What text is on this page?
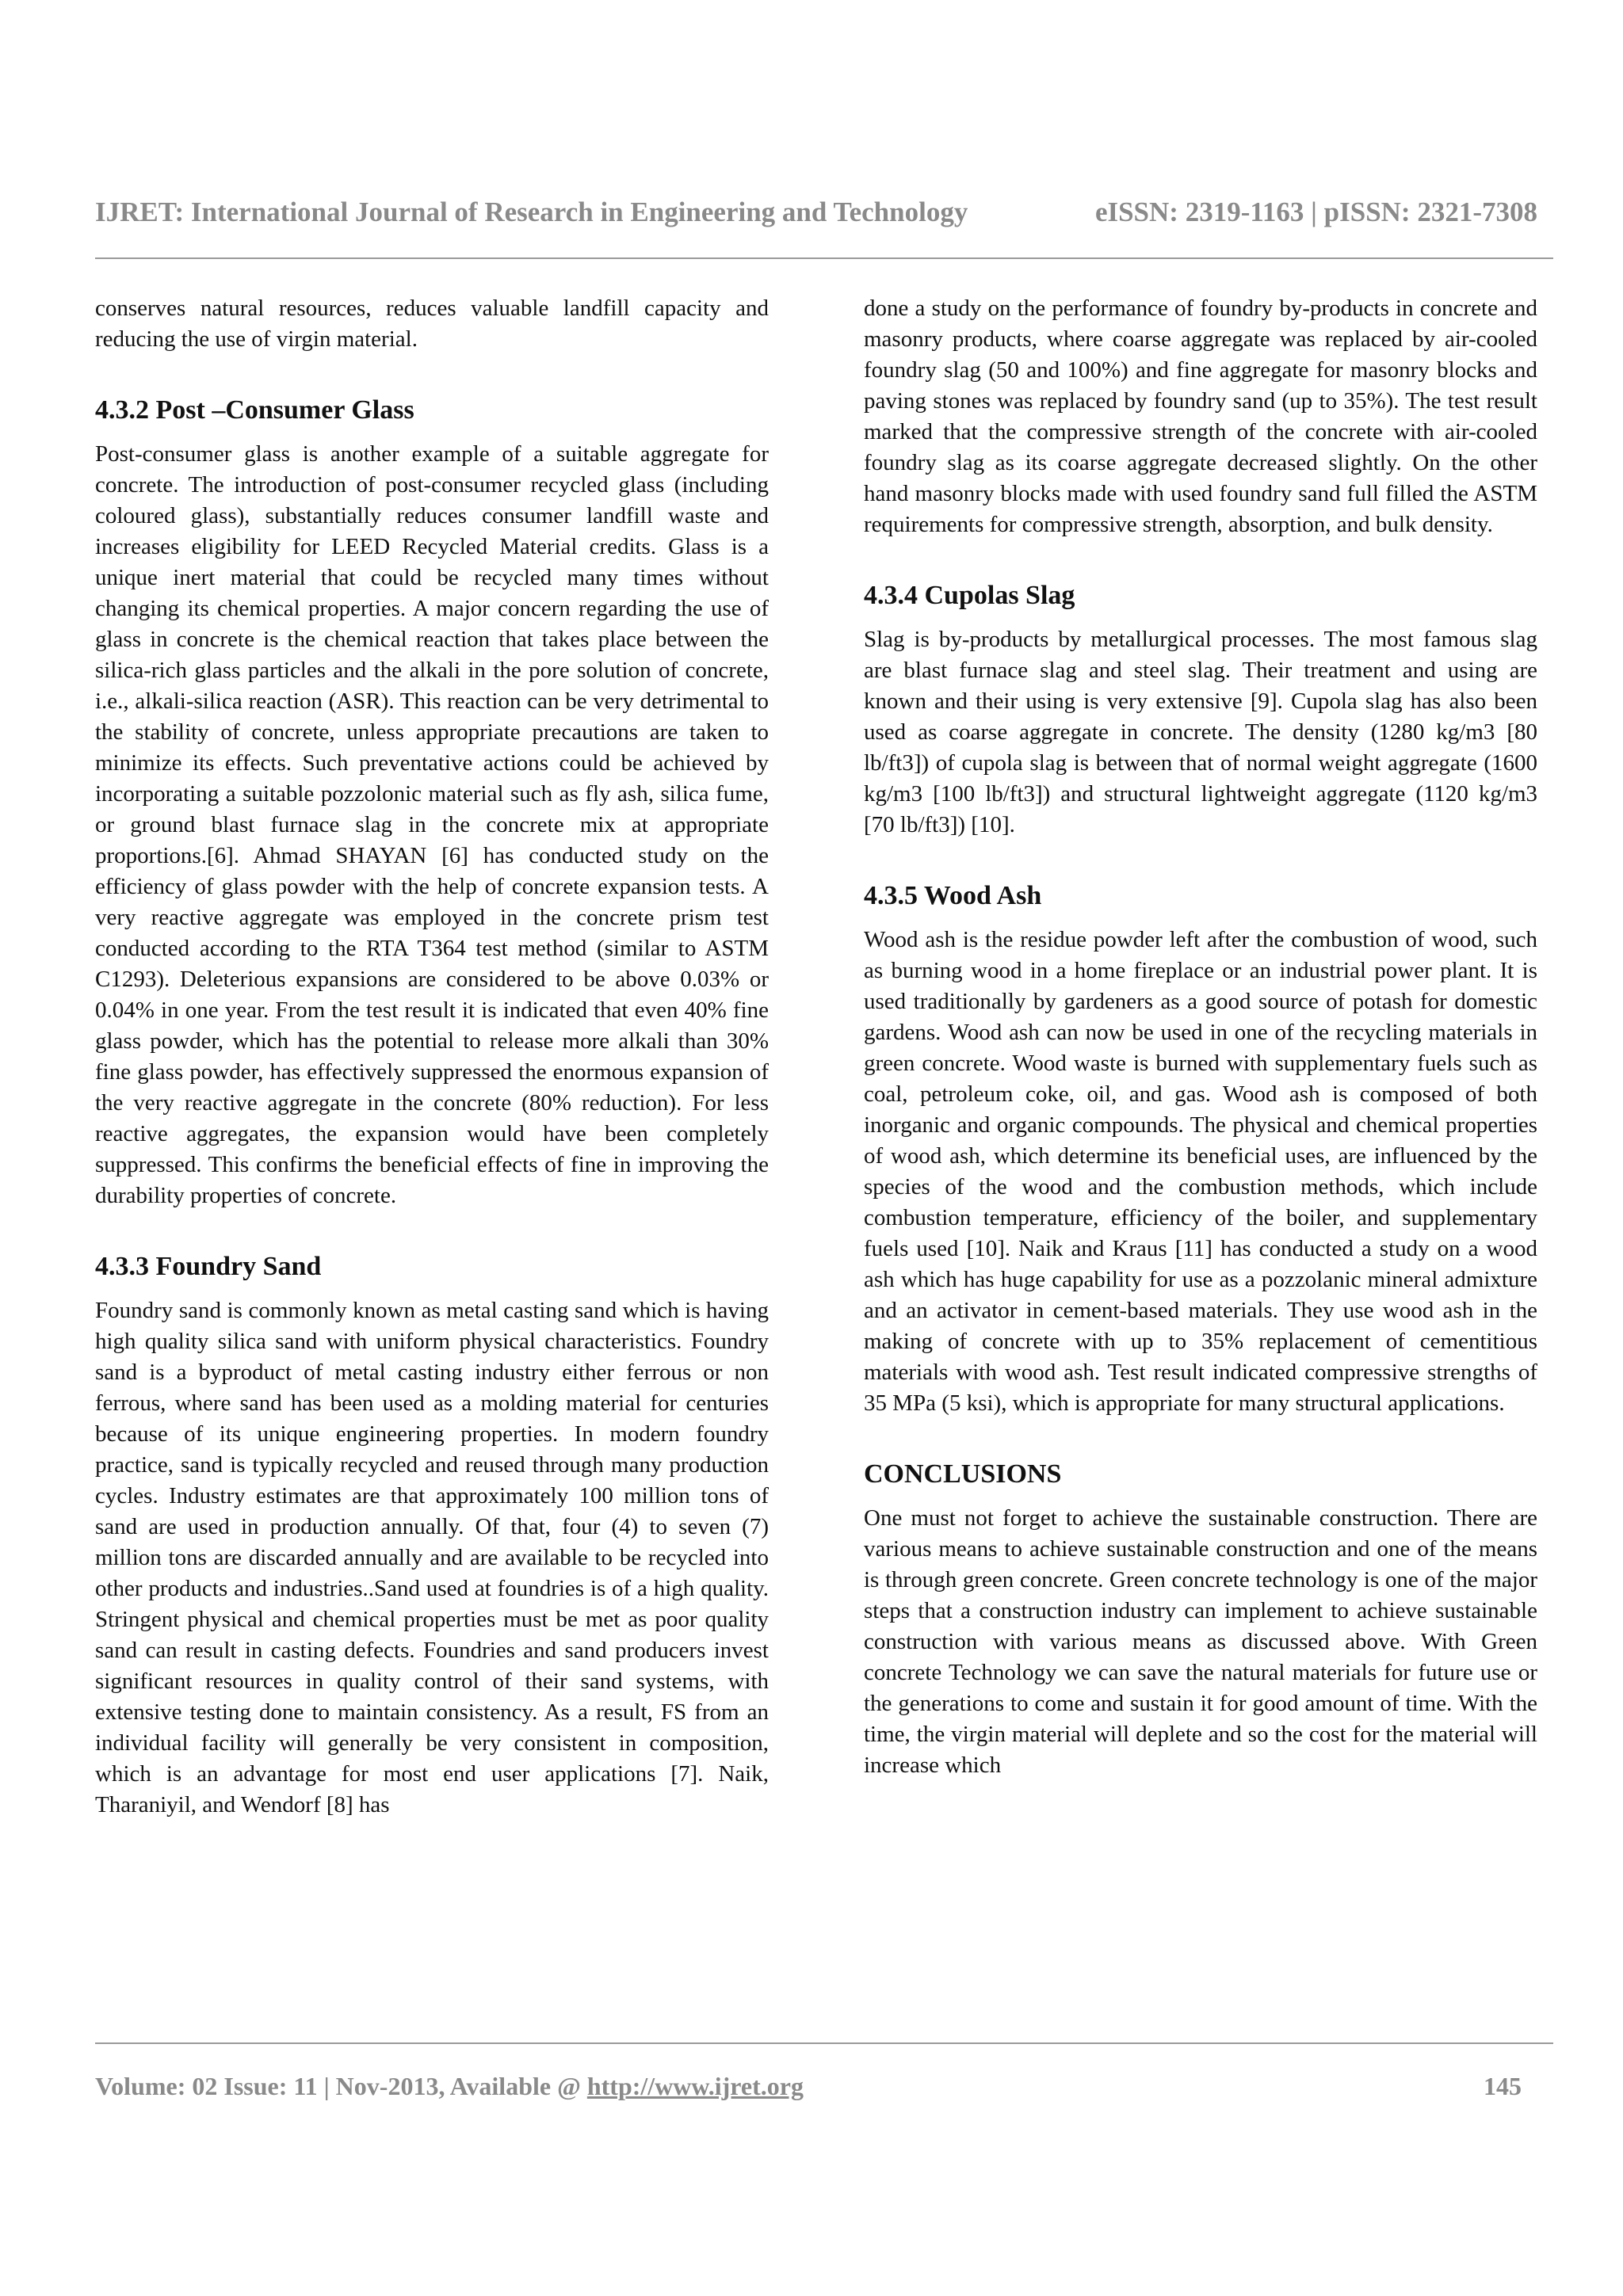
IJRET: International Journal of Research in Engineering and Technology	eISSN: 2319-1163 | pISSN: 2321-7308

conserves natural resources, reduces valuable landfill capacity and reducing the use of virgin material.

4.3.2 Post –Consumer Glass

Post-consumer glass is another example of a suitable aggregate for concrete. The introduction of post-consumer recycled glass (including coloured glass), substantially reduces consumer landfill waste and increases eligibility for LEED Recycled Material credits. Glass is a unique inert material that could be recycled many times without changing its chemical properties. A major concern regarding the use of glass in concrete is the chemical reaction that takes place between the silica-rich glass particles and the alkali in the pore solution of concrete, i.e., alkali-silica reaction (ASR). This reaction can be very detrimental to the stability of concrete, unless appropriate precautions are taken to minimize its effects. Such preventative actions could be achieved by incorporating a suitable pozzolonic material such as fly ash, silica fume, or ground blast furnace slag in the concrete mix at appropriate proportions.[6]. Ahmad SHAYAN [6] has conducted study on the efficiency of glass powder with the help of concrete expansion tests. A very reactive aggregate was employed in the concrete prism test conducted according to the RTA T364 test method (similar to ASTM C1293). Deleterious expansions are considered to be above 0.03% or 0.04% in one year. From the test result it is indicated that even 40% fine glass powder, which has the potential to release more alkali than 30% fine glass powder, has effectively suppressed the enormous expansion of the very reactive aggregate in the concrete (80% reduction). For less reactive aggregates, the expansion would have been completely suppressed. This confirms the beneficial effects of fine in improving the durability properties of concrete.

4.3.3 Foundry Sand

Foundry sand is commonly known as metal casting sand which is having high quality silica sand with uniform physical characteristics. Foundry sand is a byproduct of metal casting industry either ferrous or non ferrous, where sand has been used as a molding material for centuries because of its unique engineering properties. In modern foundry practice, sand is typically recycled and reused through many production cycles. Industry estimates are that approximately 100 million tons of sand are used in production annually. Of that, four (4) to seven (7) million tons are discarded annually and are available to be recycled into other products and industries..Sand used at foundries is of a high quality. Stringent physical and chemical properties must be met as poor quality sand can result in casting defects. Foundries and sand producers invest significant resources in quality control of their sand systems, with extensive testing done to maintain consistency. As a result, FS from an individual facility will generally be very consistent in composition, which is an advantage for most end user applications [7]. Naik, Tharaniyil, and Wendorf [8] has

done a study on the performance of foundry by-products in concrete and masonry products, where coarse aggregate was replaced by air-cooled foundry slag (50 and 100%) and fine aggregate for masonry blocks and paving stones was replaced by foundry sand (up to 35%). The test result marked that the compressive strength of the concrete with air-cooled foundry slag as its coarse aggregate decreased slightly. On the other hand masonry blocks made with used foundry sand full filled the ASTM requirements for compressive strength, absorption, and bulk density.

4.3.4 Cupolas Slag

Slag is by-products by metallurgical processes. The most famous slag are blast furnace slag and steel slag. Their treatment and using are known and their using is very extensive [9]. Cupola slag has also been used as coarse aggregate in concrete. The density (1280 kg/m3 [80 lb/ft3]) of cupola slag is between that of normal weight aggregate (1600 kg/m3 [100 lb/ft3]) and structural lightweight aggregate (1120 kg/m3 [70 lb/ft3]) [10].

4.3.5 Wood Ash

Wood ash is the residue powder left after the combustion of wood, such as burning wood in a home fireplace or an industrial power plant. It is used traditionally by gardeners as a good source of potash for domestic gardens. Wood ash can now be used in one of the recycling materials in green concrete. Wood waste is burned with supplementary fuels such as coal, petroleum coke, oil, and gas. Wood ash is composed of both inorganic and organic compounds. The physical and chemical properties of wood ash, which determine its beneficial uses, are influenced by the species of the wood and the combustion methods, which include combustion temperature, efficiency of the boiler, and supplementary fuels used [10]. Naik and Kraus [11] has conducted a study on a wood ash which has huge capability for use as a pozzolanic mineral admixture and an activator in cement-based materials. They use wood ash in the making of concrete with up to 35% replacement of cementitious materials with wood ash. Test result indicated compressive strengths of 35 MPa (5 ksi), which is appropriate for many structural applications.

CONCLUSIONS

One must not forget to achieve the sustainable construction. There are various means to achieve sustainable construction and one of the means is through green concrete. Green concrete technology is one of the major steps that a construction industry can implement to achieve sustainable construction with various means as discussed above. With Green concrete Technology we can save the natural materials for future use or the generations to come and sustain it for good amount of time. With the time, the virgin material will deplete and so the cost for the material will increase which

Volume: 02 Issue: 11 | Nov-2013, Available @ http://www.ijret.org	145
